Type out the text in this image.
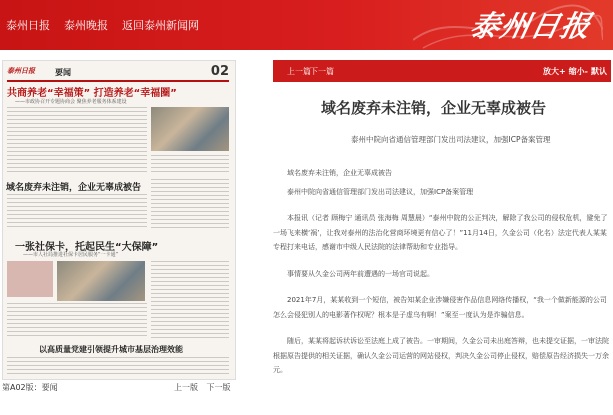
泰州日报 泰州晚报 返回泰州新闻网	泰州日报
泰州日报	要闻	02
共商养老“幸福策” 打造养老“幸福圈”
——市政协召开专题协商会 聚焦养老服务体系建设
域名废弃未注销，企业无辜成被告
一张社保卡，托起民生“大保障”
——市人社局推进社保卡居民服务“一卡通”
以高质量党建引领提升城市基层治理效能
第A02版：要闻	上一版 下一版
上一篇 下一篇	放大+ 缩小- 默认
域名废弃未注销，企业无辜成被告
泰州中院向省通信管理部门发出司法建议，加强ICP备案管理

域名废弃未注销，企业无辜成被告

泰州中院向省通信管理部门发出司法建议，加强ICP备案管理

本报讯（记者 顾梅宁 通讯员 张海梅 周慧晨）“泰州中院的公正判决，解除了我公司的侵权危机，避免了一场飞来横‘祸’，让我对泰州的法治化营商环境更有信心了！”11月14日，久金公司（化名）法定代表人某某专程打来电话，感谢市中级人民法院的法律帮助和专业指导。

事情要从久金公司两年前遭遇的一场官司说起。

2021年7月，某某收到一个短信，被告知某企业涉嫌侵害作品信息网络传播权，“我一个做新能源的公司怎么会侵犯别人的电影著作权呢？根本是子虚乌有啊！”案至一度认为是诈骗信息。

随后，某某将起诉状诉讼至法庭上成了被告。一审期间，久金公司未出庭答辩，也未提交证据，一审法院根据原告提供的相关证据，确认久金公司运营的网站侵权，判决久金公司停止侵权，赔偿原告经济损失一万余元。
